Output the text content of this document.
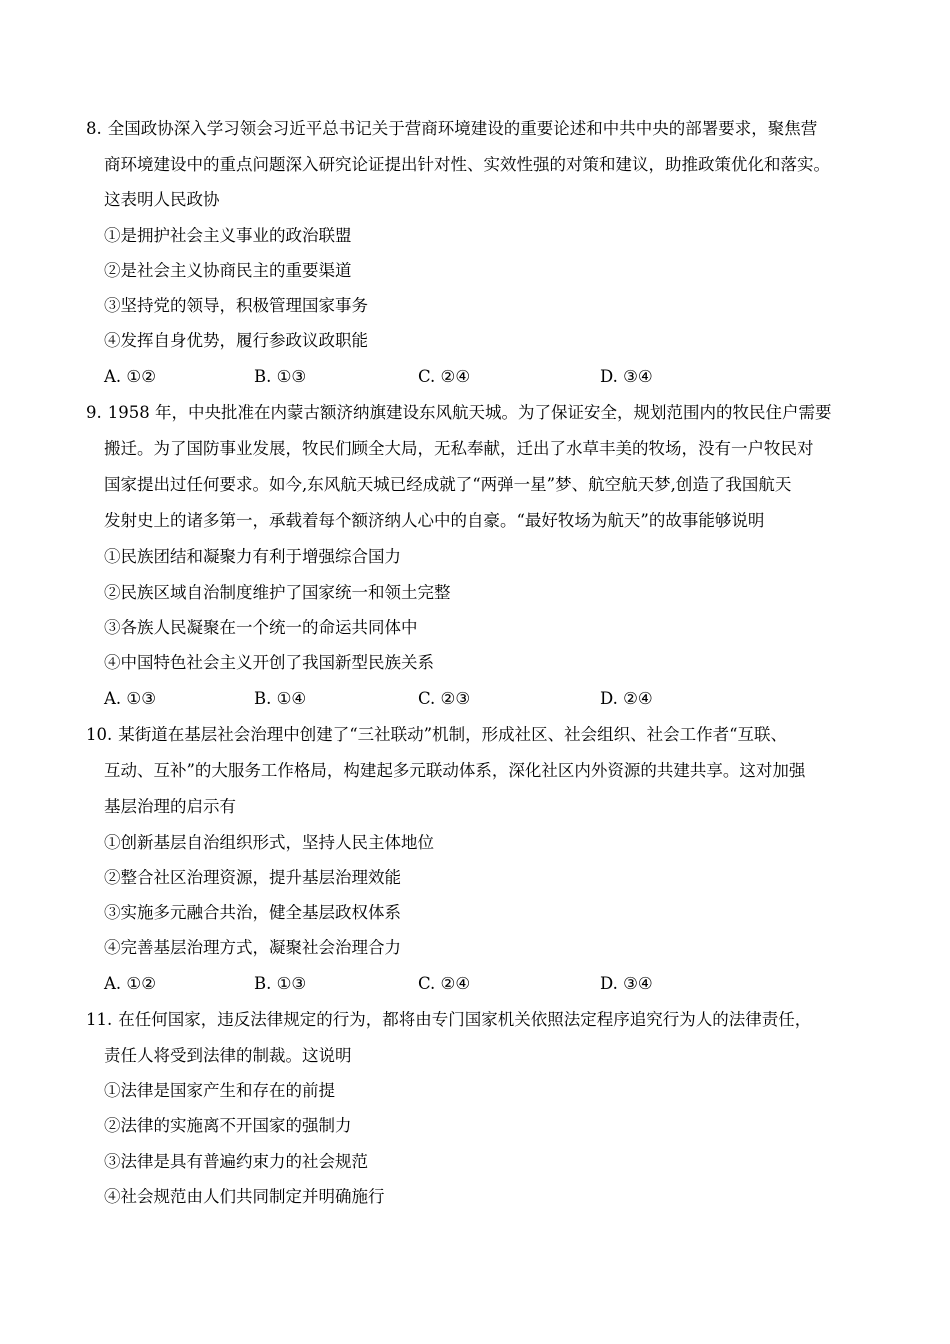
8. 全国政协深入学习领会习近平总书记关于营商环境建设的重要论述和中共中央的部署要求，聚焦营
商环境建设中的重点问题深入研究论证提出针对性、实效性强的对策和建议，助推政策优化和落实。
这表明人民政协
①是拥护社会主义事业的政治联盟
②是社会主义协商民主的重要渠道
③坚持党的领导，积极管理国家事务
④发挥自身优势，履行参政议政职能
A. ①②	B. ①③	C. ②④	D. ③④
9. 1958 年，中央批准在内蒙古额济纳旗建设东风航天城。为了保证安全，规划范围内的牧民住户需要
搬迁。为了国防事业发展，牧民们顾全大局，无私奉献，迁出了水草丰美的牧场，没有一户牧民对
国家提出过任何要求。如今,东风航天城已经成就了“两弹一星”梦、航空航天梦,创造了我国航天
发射史上的诸多第一，承载着每个额济纳人心中的自豪。“最好牧场为航天”的故事能够说明
①民族团结和凝聚力有利于增强综合国力
②民族区域自治制度维护了国家统一和领土完整
③各族人民凝聚在一个统一的命运共同体中
④中国特色社会主义开创了我国新型民族关系
A. ①③	B. ①④	C. ②③	D. ②④
10. 某街道在基层社会治理中创建了“三社联动”机制，形成社区、社会组织、社会工作者“互联、
互动、互补”的大服务工作格局，构建起多元联动体系，深化社区内外资源的共建共享。这对加强
基层治理的启示有
①创新基层自治组织形式，坚持人民主体地位
②整合社区治理资源，提升基层治理效能
③实施多元融合共治，健全基层政权体系
④完善基层治理方式，凝聚社会治理合力
A. ①②	B. ①③	C. ②④	D. ③④
11. 在任何国家，违反法律规定的行为，都将由专门国家机关依照法定程序追究行为人的法律责任，
责任人将受到法律的制裁。这说明
①法律是国家产生和存在的前提
②法律的实施离不开国家的强制力
③法律是具有普遍约束力的社会规范
④社会规范由人们共同制定并明确施行
